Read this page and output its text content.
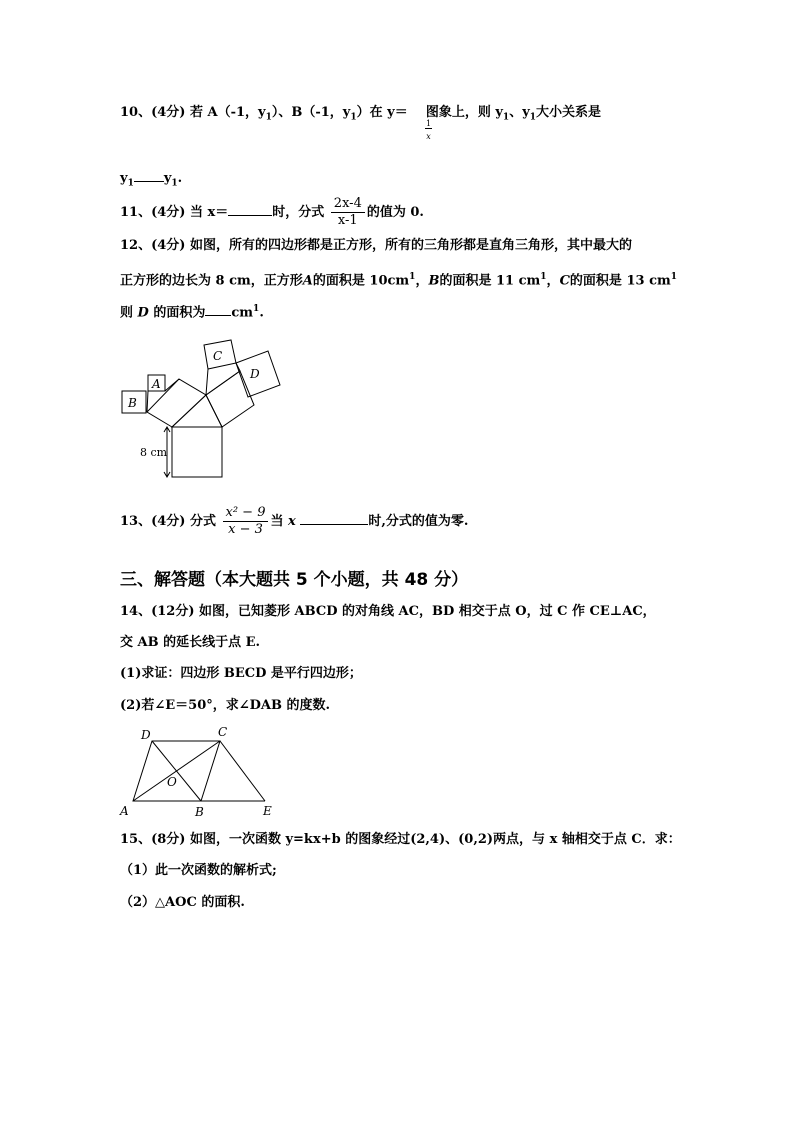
10、(4分) 若 A（-1，$y_1$）、B（-1，$y_1$）在 y＝ 图象上，则 $y_1$、$y_1$大小关系是
$\frac{1}{x}$
$y_1$ $y_1$.
11、(4分) 当 x＝	时，分式 $\frac{2x-4}{x-1}$ 的值为 0.
12、(4分) 如图，所有的四边形都是正方形，所有的三角形都是直角三角形，其中最大的
正方形的边长为 8 cm，正方形A的面积是 $10cm^1$，B的面积是 11 $cm^1$，C的面积是 13 $cm^1$
则 D 的面积为 $cm^1$.
A
B
C
D
8 cm
13、(4分) 分式 $\frac{\text{x² − 9}}{x - 3}$ 当 x	时,分式的值为零.
三、解答题（本大题共 5 个小题，共 48 分）
14、(12分) 如图，已知菱形 ABCD 的对角线 AC，BD 相交于点 O，过 C 作 CE⊥AC，
交 AB 的延长线于点 E.
(1)求证：四边形 BECD 是平行四边形；
(2)若∠E＝50°，求∠DAB 的度数.
A	B
C
D
E
O
15、(8分) 如图，一次函数 y=kx+b 的图象经过(2,4)、(0,2)两点，与 x 轴相交于点 C．求：
（1）此一次函数的解析式;
（2）△AOC 的面积.
